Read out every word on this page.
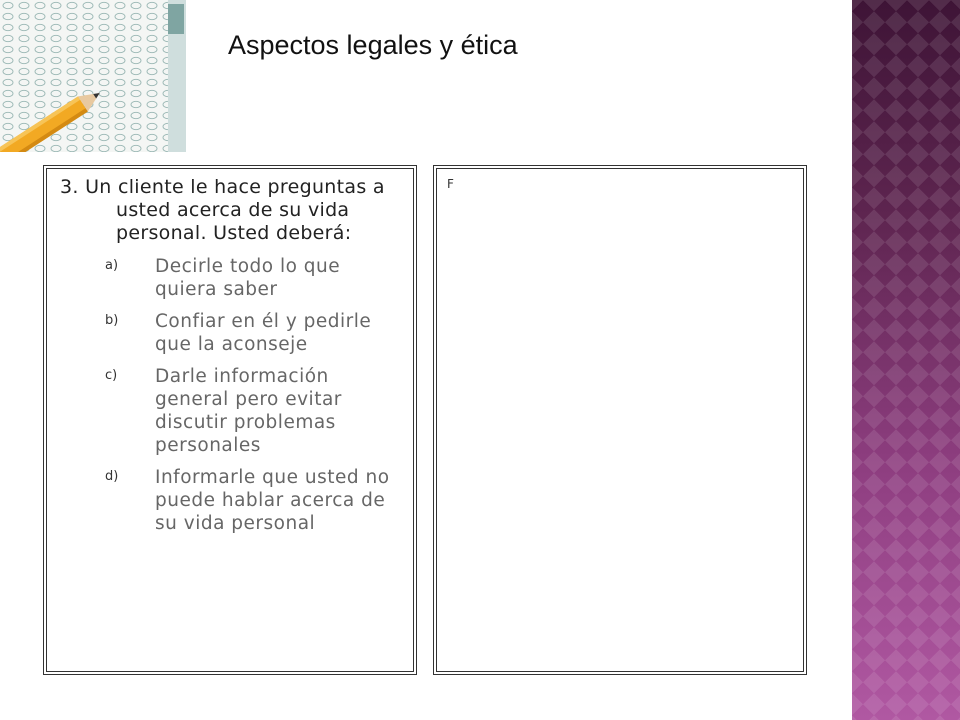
Aspectos legales y ética
3. Un cliente le hace preguntas a usted acerca de su vida personal. Usted deberá:
a) Decirle todo lo que quiera saber
b) Confiar en él y pedirle que la aconseje
c) Darle información general pero evitar discutir problemas personales
d) Informarle que usted no puede hablar acerca de su vida personal
F
